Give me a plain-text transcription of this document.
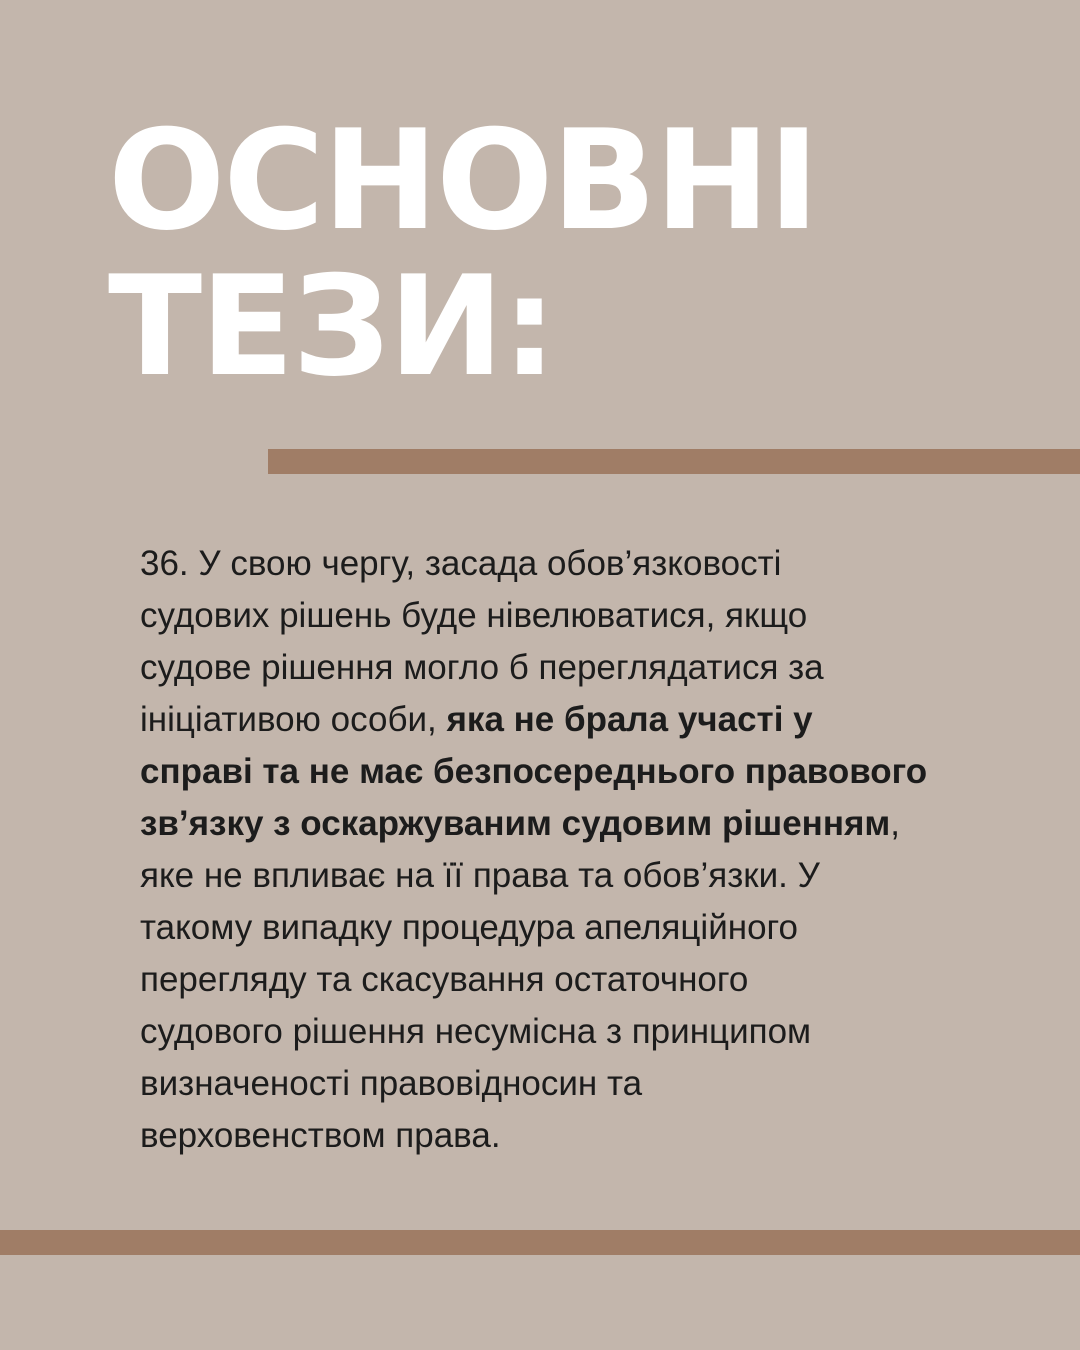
ОСНОВНІ
ТЕЗИ:

36. У свою чергу, засада обов’язковості
судових рішень буде нівелюватися, якщо
судове рішення могло б переглядатися за
ініціативою особи, яка не брала участі у
справі та не має безпосереднього правового
зв’язку з оскаржуваним судовим рішенням,
яке не впливає на її права та обов’язки. У
такому випадку процедура апеляційного
перегляду та скасування остаточного
судового рішення несумісна з принципом
визначеності правовідносин та
верховенством права.
